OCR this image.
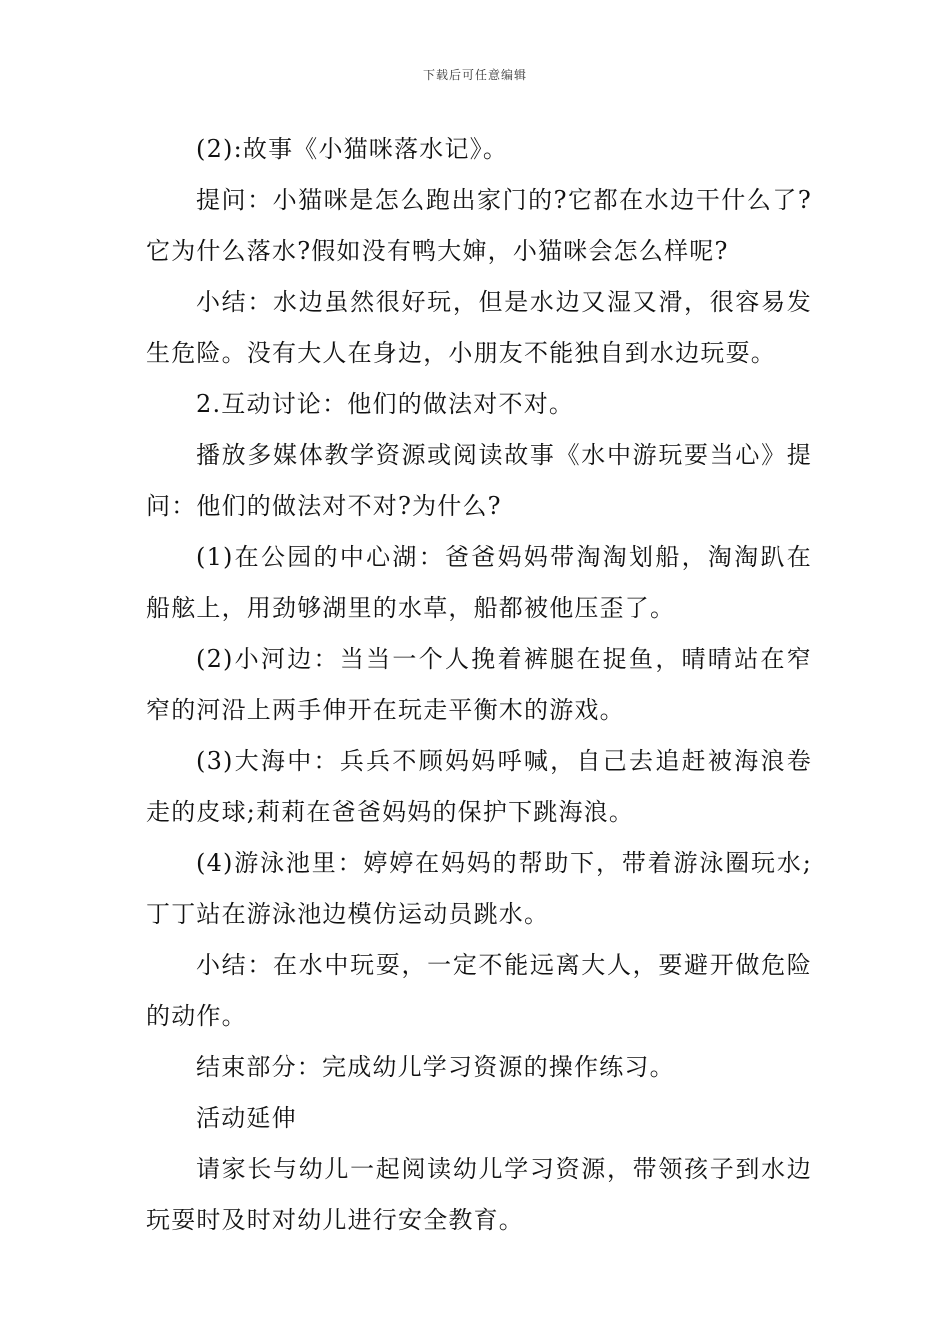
下载后可任意编辑

(2):故事《小猫咪落水记》。

提问：小猫咪是怎么跑出家门的?它都在水边干什么了?它为什么落水?假如没有鸭大婶，小猫咪会怎么样呢?

小结：水边虽然很好玩，但是水边又湿又滑，很容易发生危险。没有大人在身边，小朋友不能独自到水边玩耍。

2.互动讨论：他们的做法对不对。

播放多媒体教学资源或阅读故事《水中游玩要当心》提问：他们的做法对不对?为什么?

(1)在公园的中心湖：爸爸妈妈带淘淘划船，淘淘趴在船舷上，用劲够湖里的水草，船都被他压歪了。

(2)小河边：当当一个人挽着裤腿在捉鱼，晴晴站在窄窄的河沿上两手伸开在玩走平衡木的游戏。

(3)大海中：兵兵不顾妈妈呼喊，自己去追赶被海浪卷走的皮球;莉莉在爸爸妈妈的保护下跳海浪。

(4)游泳池里：婷婷在妈妈的帮助下，带着游泳圈玩水;丁丁站在游泳池边模仿运动员跳水。

小结：在水中玩耍，一定不能远离大人，要避开做危险的动作。

结束部分：完成幼儿学习资源的操作练习。

活动延伸

请家长与幼儿一起阅读幼儿学习资源，带领孩子到水边玩耍时及时对幼儿进行安全教育。
